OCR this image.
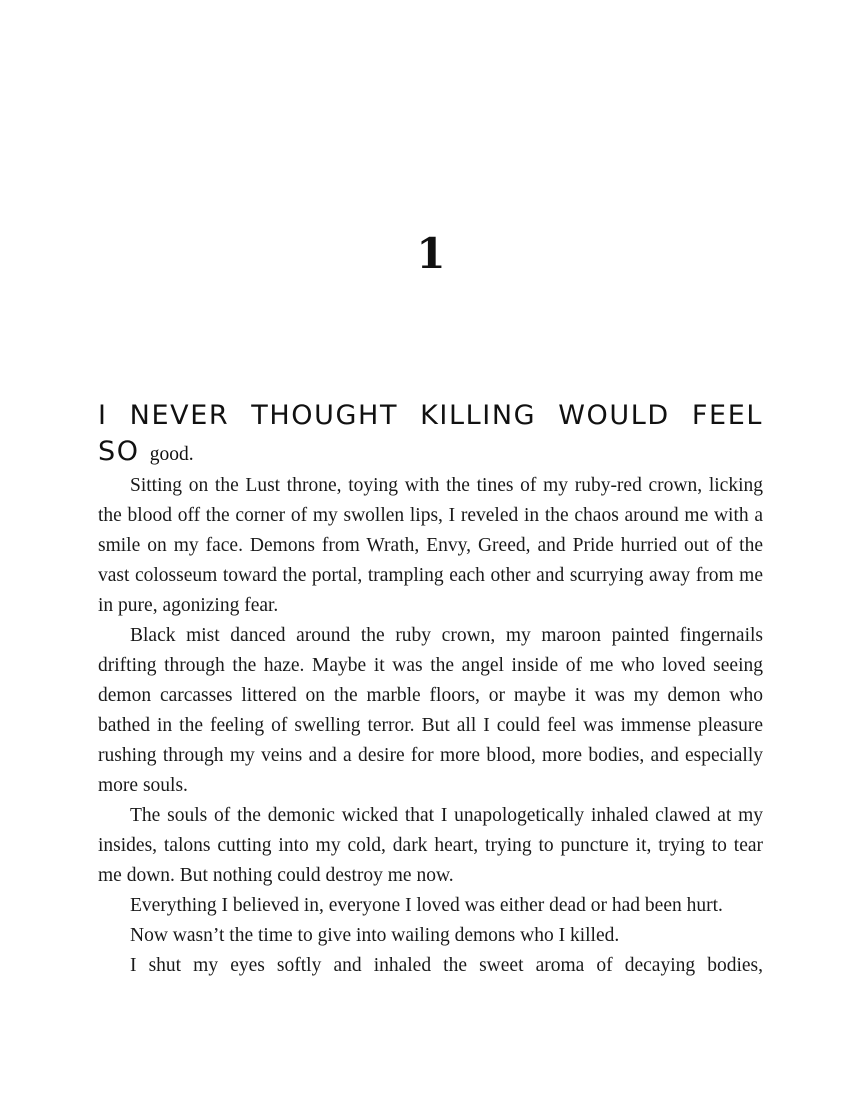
1

I NEVER THOUGHT KILLING WOULD FEEL

SO good.

Sitting on the Lust throne, toying with the tines of my ruby-red crown, licking the blood off the corner of my swollen lips, I reveled in the chaos around me with a smile on my face. Demons from Wrath, Envy, Greed, and Pride hurried out of the vast colosseum toward the portal, trampling each other and scurrying away from me in pure, agonizing fear.

Black mist danced around the ruby crown, my maroon painted fingernails drifting through the haze. Maybe it was the angel inside of me who loved seeing demon carcasses littered on the marble floors, or maybe it was my demon who bathed in the feeling of swelling terror. But all I could feel was immense pleasure rushing through my veins and a desire for more blood, more bodies, and especially more souls.

The souls of the demonic wicked that I unapologetically inhaled clawed at my insides, talons cutting into my cold, dark heart, trying to puncture it, trying to tear me down. But nothing could destroy me now.

Everything I believed in, everyone I loved was either dead or had been hurt.

Now wasn’t the time to give into wailing demons who I killed.

I shut my eyes softly and inhaled the sweet aroma of decaying bodies,
